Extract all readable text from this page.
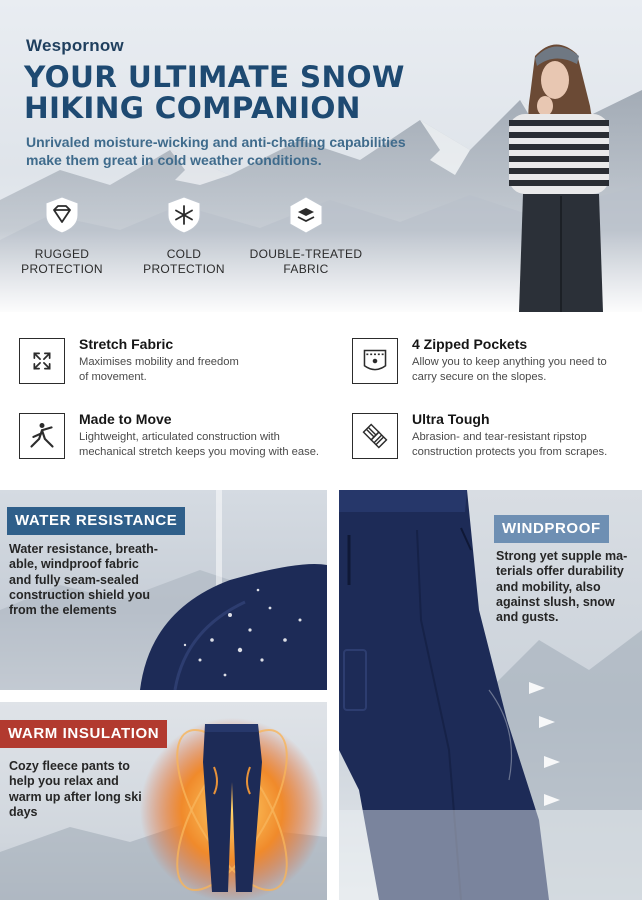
Wespornow
YOUR ULTIMATE SNOW
HIKING COMPANION
Unrivaled moisture-wicking and anti-chaffing capabilities
make them great in cold weather conditions.
RUGGED
PROTECTION
COLD
PROTECTION
DOUBLE-TREATED
FABRIC
Stretch Fabric
Maximises mobility and freedom
of movement.
4 Zipped Pockets
Allow you to keep anything you need to
carry secure on the slopes.
Made to Move
Lightweight, articulated construction with
mechanical stretch keeps you moving with ease.
Ultra Tough
Abrasion- and tear-resistant ripstop
construction protects you from scrapes.
WATER RESISTANCE
Water resistance, breath-
able, windproof fabric
and fully seam-sealed
construction shield you
from the elements
WARM INSULATION
Cozy fleece pants to
help you relax and
warm up after long ski
days
WINDPROOF
Strong yet supple ma-
terials offer durability
and mobility, also
against slush, snow
and gusts.
